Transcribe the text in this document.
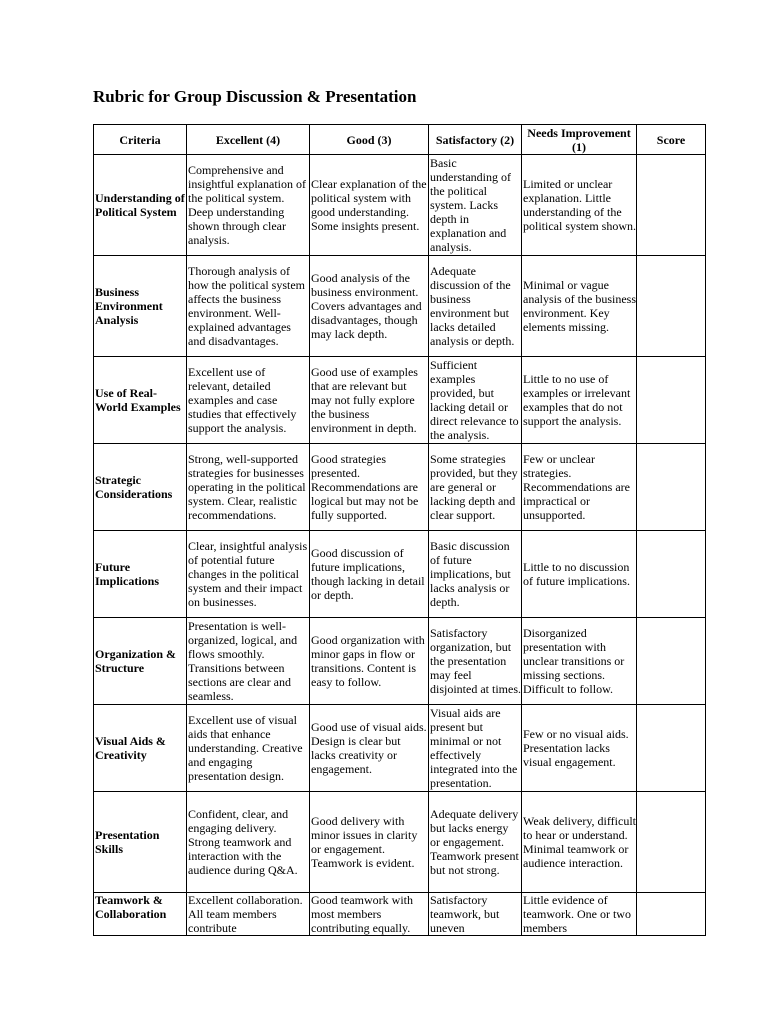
Rubric for Group Discussion & Presentation
Criteria	Excellent (4)	Good (3)	Satisfactory (2)	Needs Improvement (1)	Score
Understanding of Political System	Comprehensive and insightful explanation of the political system. Deep understanding shown through clear analysis.	Clear explanation of the political system with good understanding. Some insights present.	Basic understanding of the political system. Lacks depth in explanation and analysis.	Limited or unclear explanation. Little understanding of the political system shown.	
Business Environment Analysis	Thorough analysis of how the political system affects the business environment. Well-explained advantages and disadvantages.	Good analysis of the business environment. Covers advantages and disadvantages, though may lack depth.	Adequate discussion of the business environment but lacks detailed analysis or depth.	Minimal or vague analysis of the business environment. Key elements missing.	
Use of Real-World Examples	Excellent use of relevant, detailed examples and case studies that effectively support the analysis.	Good use of examples that are relevant but may not fully explore the business environment in depth.	Sufficient examples provided, but lacking detail or direct relevance to the analysis.	Little to no use of examples or irrelevant examples that do not support the analysis.	
Strategic Considerations	Strong, well-supported strategies for businesses operating in the political system. Clear, realistic recommendations.	Good strategies presented. Recommendations are logical but may not be fully supported.	Some strategies provided, but they are general or lacking depth and clear support.	Few or unclear strategies. Recommendations are impractical or unsupported.	
Future Implications	Clear, insightful analysis of potential future changes in the political system and their impact on businesses.	Good discussion of future implications, though lacking in detail or depth.	Basic discussion of future implications, but lacks analysis or depth.	Little to no discussion of future implications.	
Organization & Structure	Presentation is well-organized, logical, and flows smoothly. Transitions between sections are clear and seamless.	Good organization with minor gaps in flow or transitions. Content is easy to follow.	Satisfactory organization, but the presentation may feel disjointed at times.	Disorganized presentation with unclear transitions or missing sections. Difficult to follow.	
Visual Aids & Creativity	Excellent use of visual aids that enhance understanding. Creative and engaging presentation design.	Good use of visual aids. Design is clear but lacks creativity or engagement.	Visual aids are present but minimal or not effectively integrated into the presentation.	Few or no visual aids. Presentation lacks visual engagement.	
Presentation Skills	Confident, clear, and engaging delivery. Strong teamwork and interaction with the audience during Q&A.	Good delivery with minor issues in clarity or engagement. Teamwork is evident.	Adequate delivery but lacks energy or engagement. Teamwork present but not strong.	Weak delivery, difficult to hear or understand. Minimal teamwork or audience interaction.	
Teamwork & Collaboration	Excellent collaboration. All team members contribute	Good teamwork with most members contributing equally.	Satisfactory teamwork, but uneven	Little evidence of teamwork. One or two members	
